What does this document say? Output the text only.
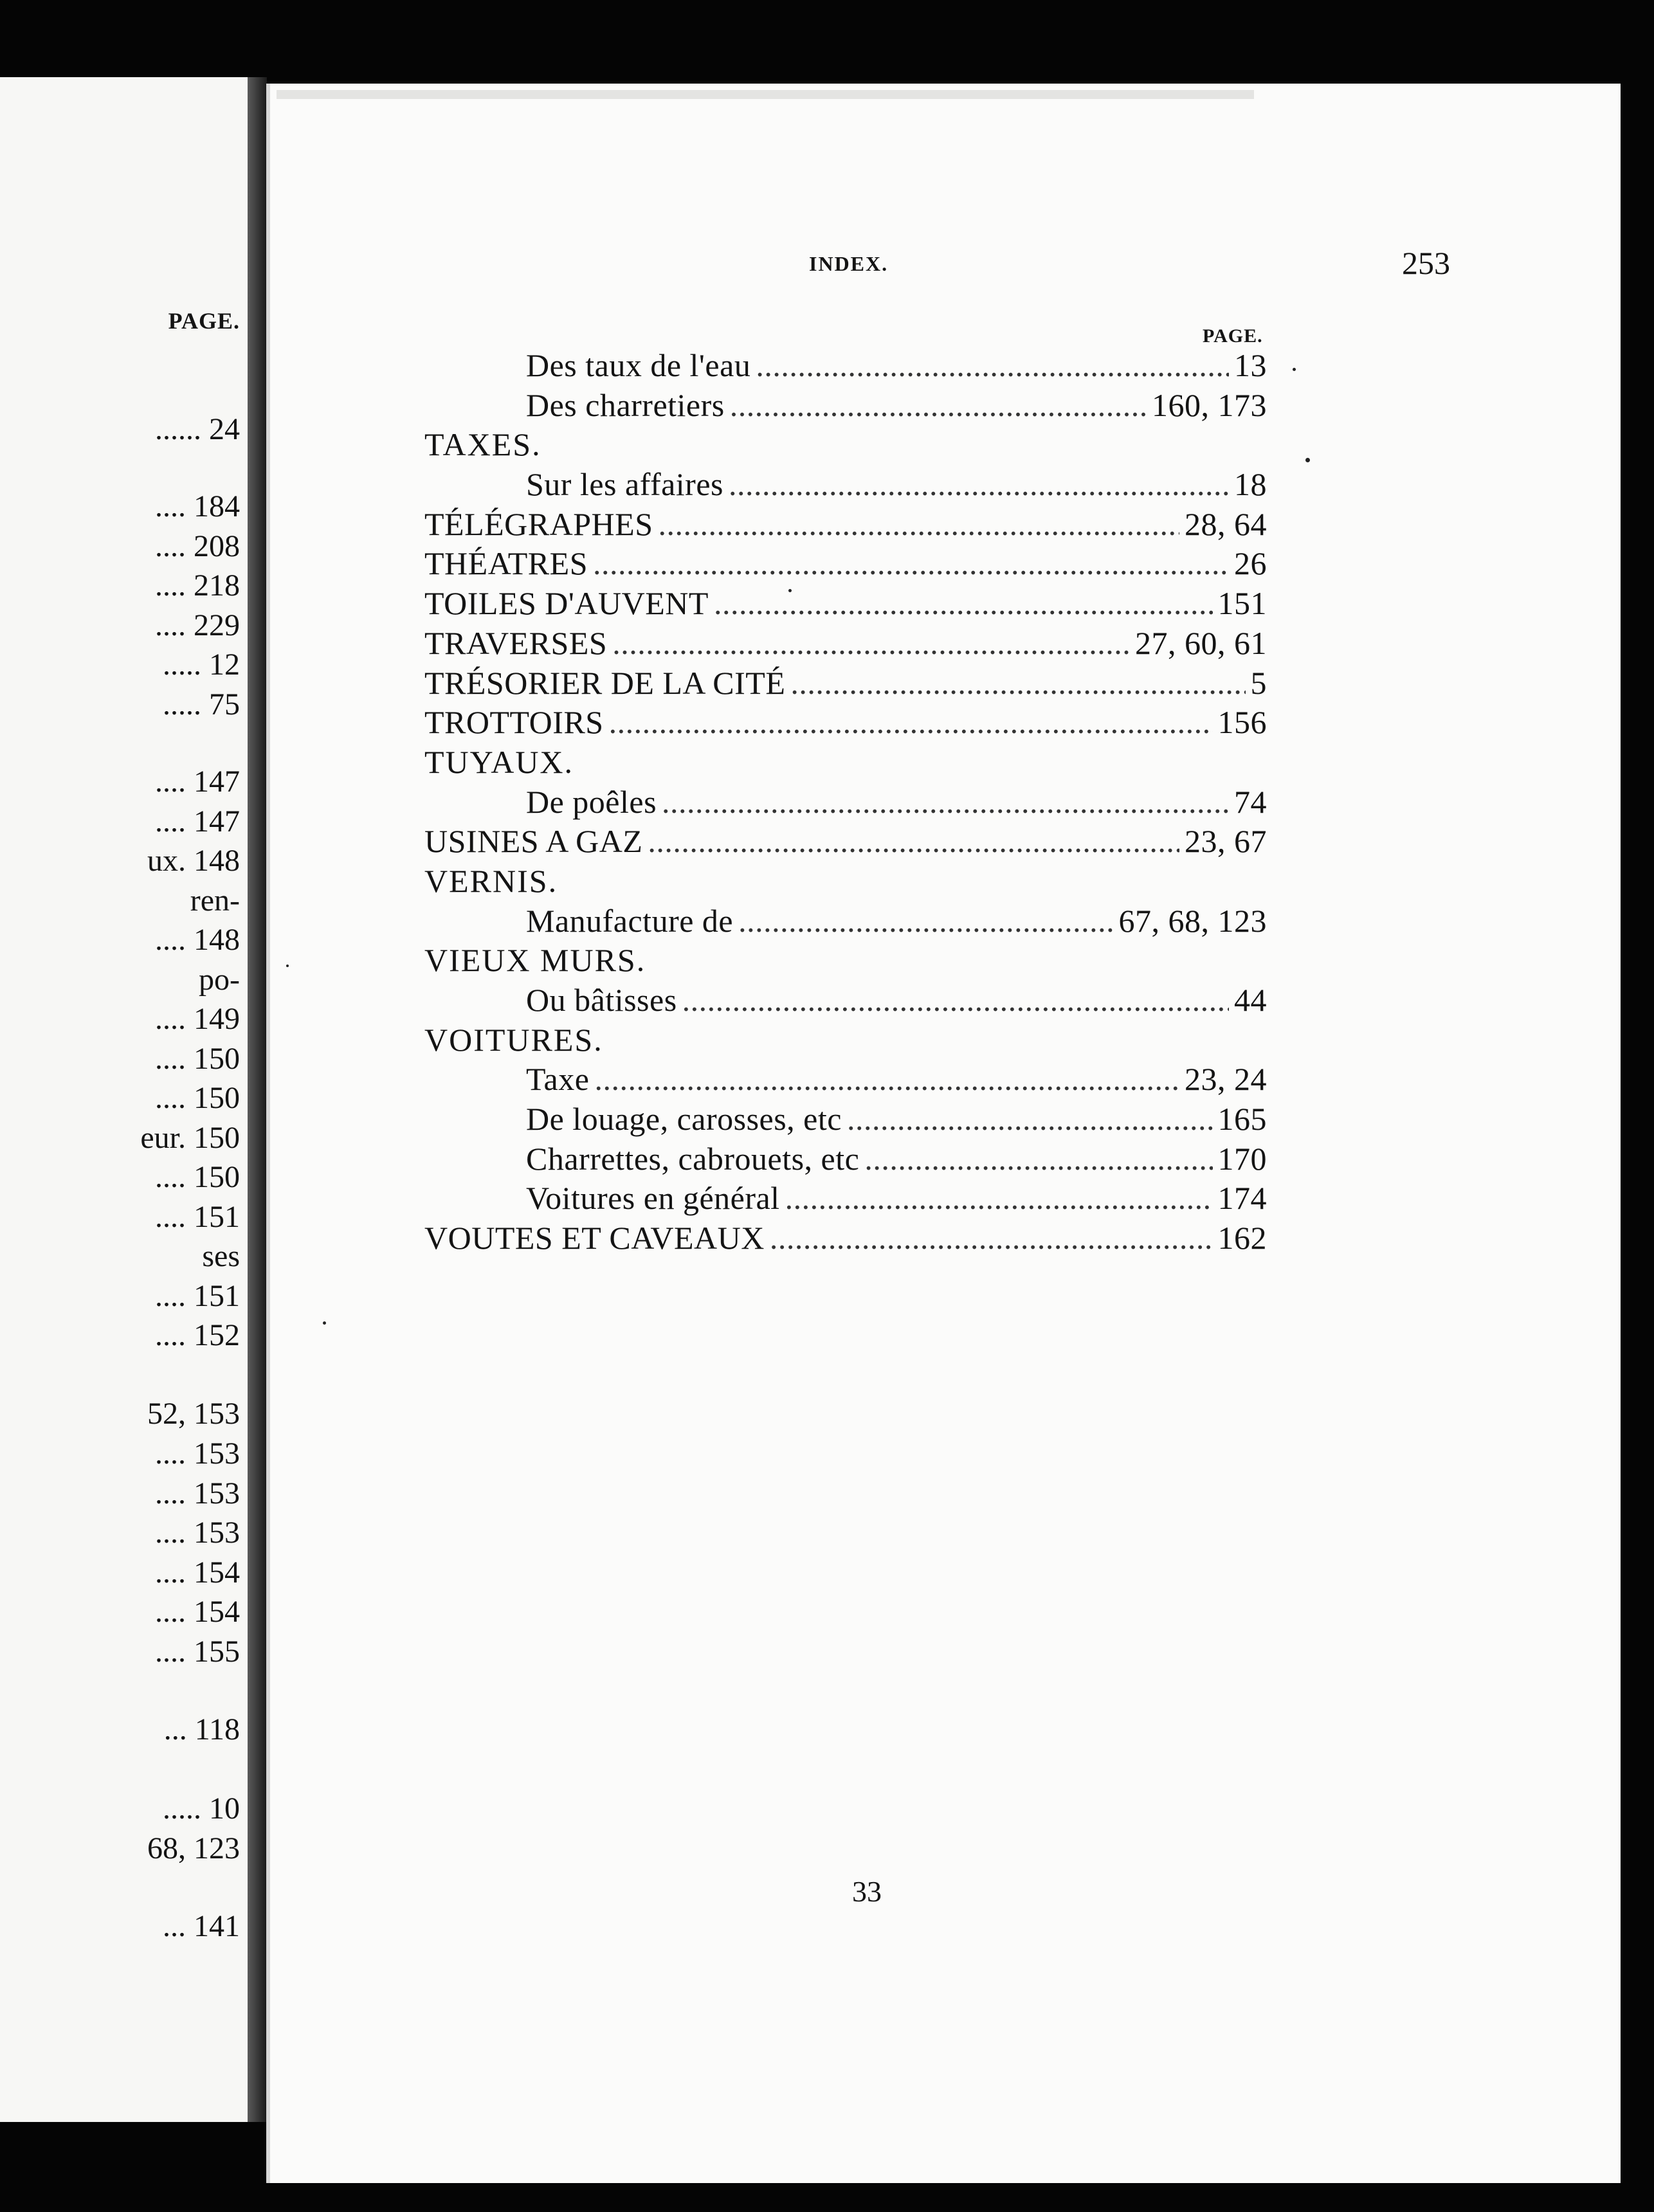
PAGE.
...... 24
.... 184
.... 208
.... 218
.... 229
..... 12
..... 75
.... 147
.... 147
ux. 148
ren-
.... 148
po-
.... 149
.... 150
.... 150
eur. 150
.... 150
.... 151
ses
.... 151
.... 152
52, 153
.... 153
.... 153
.... 153
.... 154
.... 154
.... 155
... 118
..... 10
68, 123
... 141
INDEX.	253
PAGE.
Des taux de l'eau . . .	13
Des charretiers . . .	160, 173
TAXES.
Sur les affaires . . .	18
TÉLÉGRAPHES . . .	28, 64
THÉATRES . . .	26
TOILES D'AUVENT . . .	151
TRAVERSES . . .	27, 60, 61
TRÉSORIER DE LA CITÉ . . .	5
TROTTOIRS . . .	156
TUYAUX.
De poêles . . .	74
USINES A GAZ . . .	23, 67
VERNIS.
Manufacture de . . .	67, 68, 123
VIEUX MURS.
Ou bâtisses . . .	44
VOITURES.
Taxe . . .	23, 24
De louage, carosses, etc . . .	165
Charrettes, cabrouets, etc . . .	170
Voitures en général . . .	174
VOUTES ET CAVEAUX . . .	162
33
